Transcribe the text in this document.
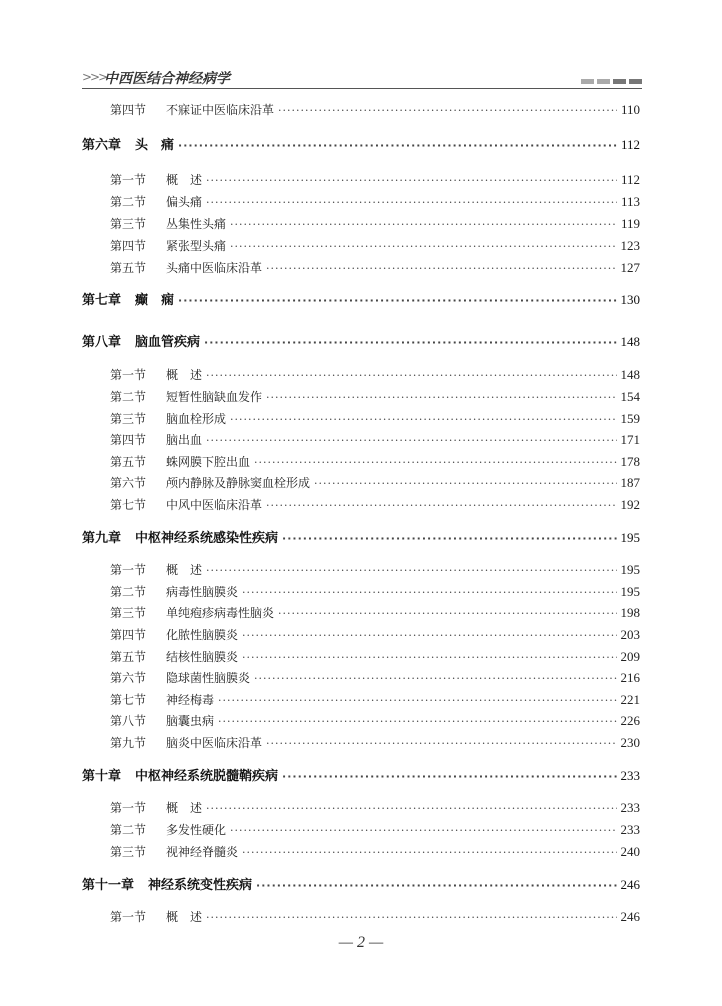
>>>
中西医结合神经病学
第四节	不寐证中医临床沿革 ·····	110
第六章 头　痛 ·····	112
第一节	概　述 ·····	112
第二节	偏头痛 ·····	113
第三节	丛集性头痛 ·····	119
第四节	紧张型头痛 ·····	123
第五节	头痛中医临床沿革 ·····	127
第七章 癫　痫 ·····	130
第八章 脑血管疾病 ·····	148
第一节	概　述 ·····	148
第二节	短暂性脑缺血发作 ·····	154
第三节	脑血栓形成 ·····	159
第四节	脑出血 ·····	171
第五节	蛛网膜下腔出血 ·····	178
第六节	颅内静脉及静脉窦血栓形成 ·····	187
第七节	中风中医临床沿革 ·····	192
第九章 中枢神经系统感染性疾病 ·····	195
第一节	概　述 ·····	195
第二节	病毒性脑膜炎 ·····	195
第三节	单纯疱疹病毒性脑炎 ·····	198
第四节	化脓性脑膜炎 ·····	203
第五节	结核性脑膜炎 ·····	209
第六节	隐球菌性脑膜炎 ·····	216
第七节	神经梅毒 ·····	221
第八节	脑囊虫病 ·····	226
第九节	脑炎中医临床沿革 ·····	230
第十章 中枢神经系统脱髓鞘疾病 ·····	233
第一节	概　述 ·····	233
第二节	多发性硬化 ·····	233
第三节	视神经脊髓炎 ·····	240
第十一章 神经系统变性疾病 ·····	246
第一节	概　述 ·····	246
— 2 —
